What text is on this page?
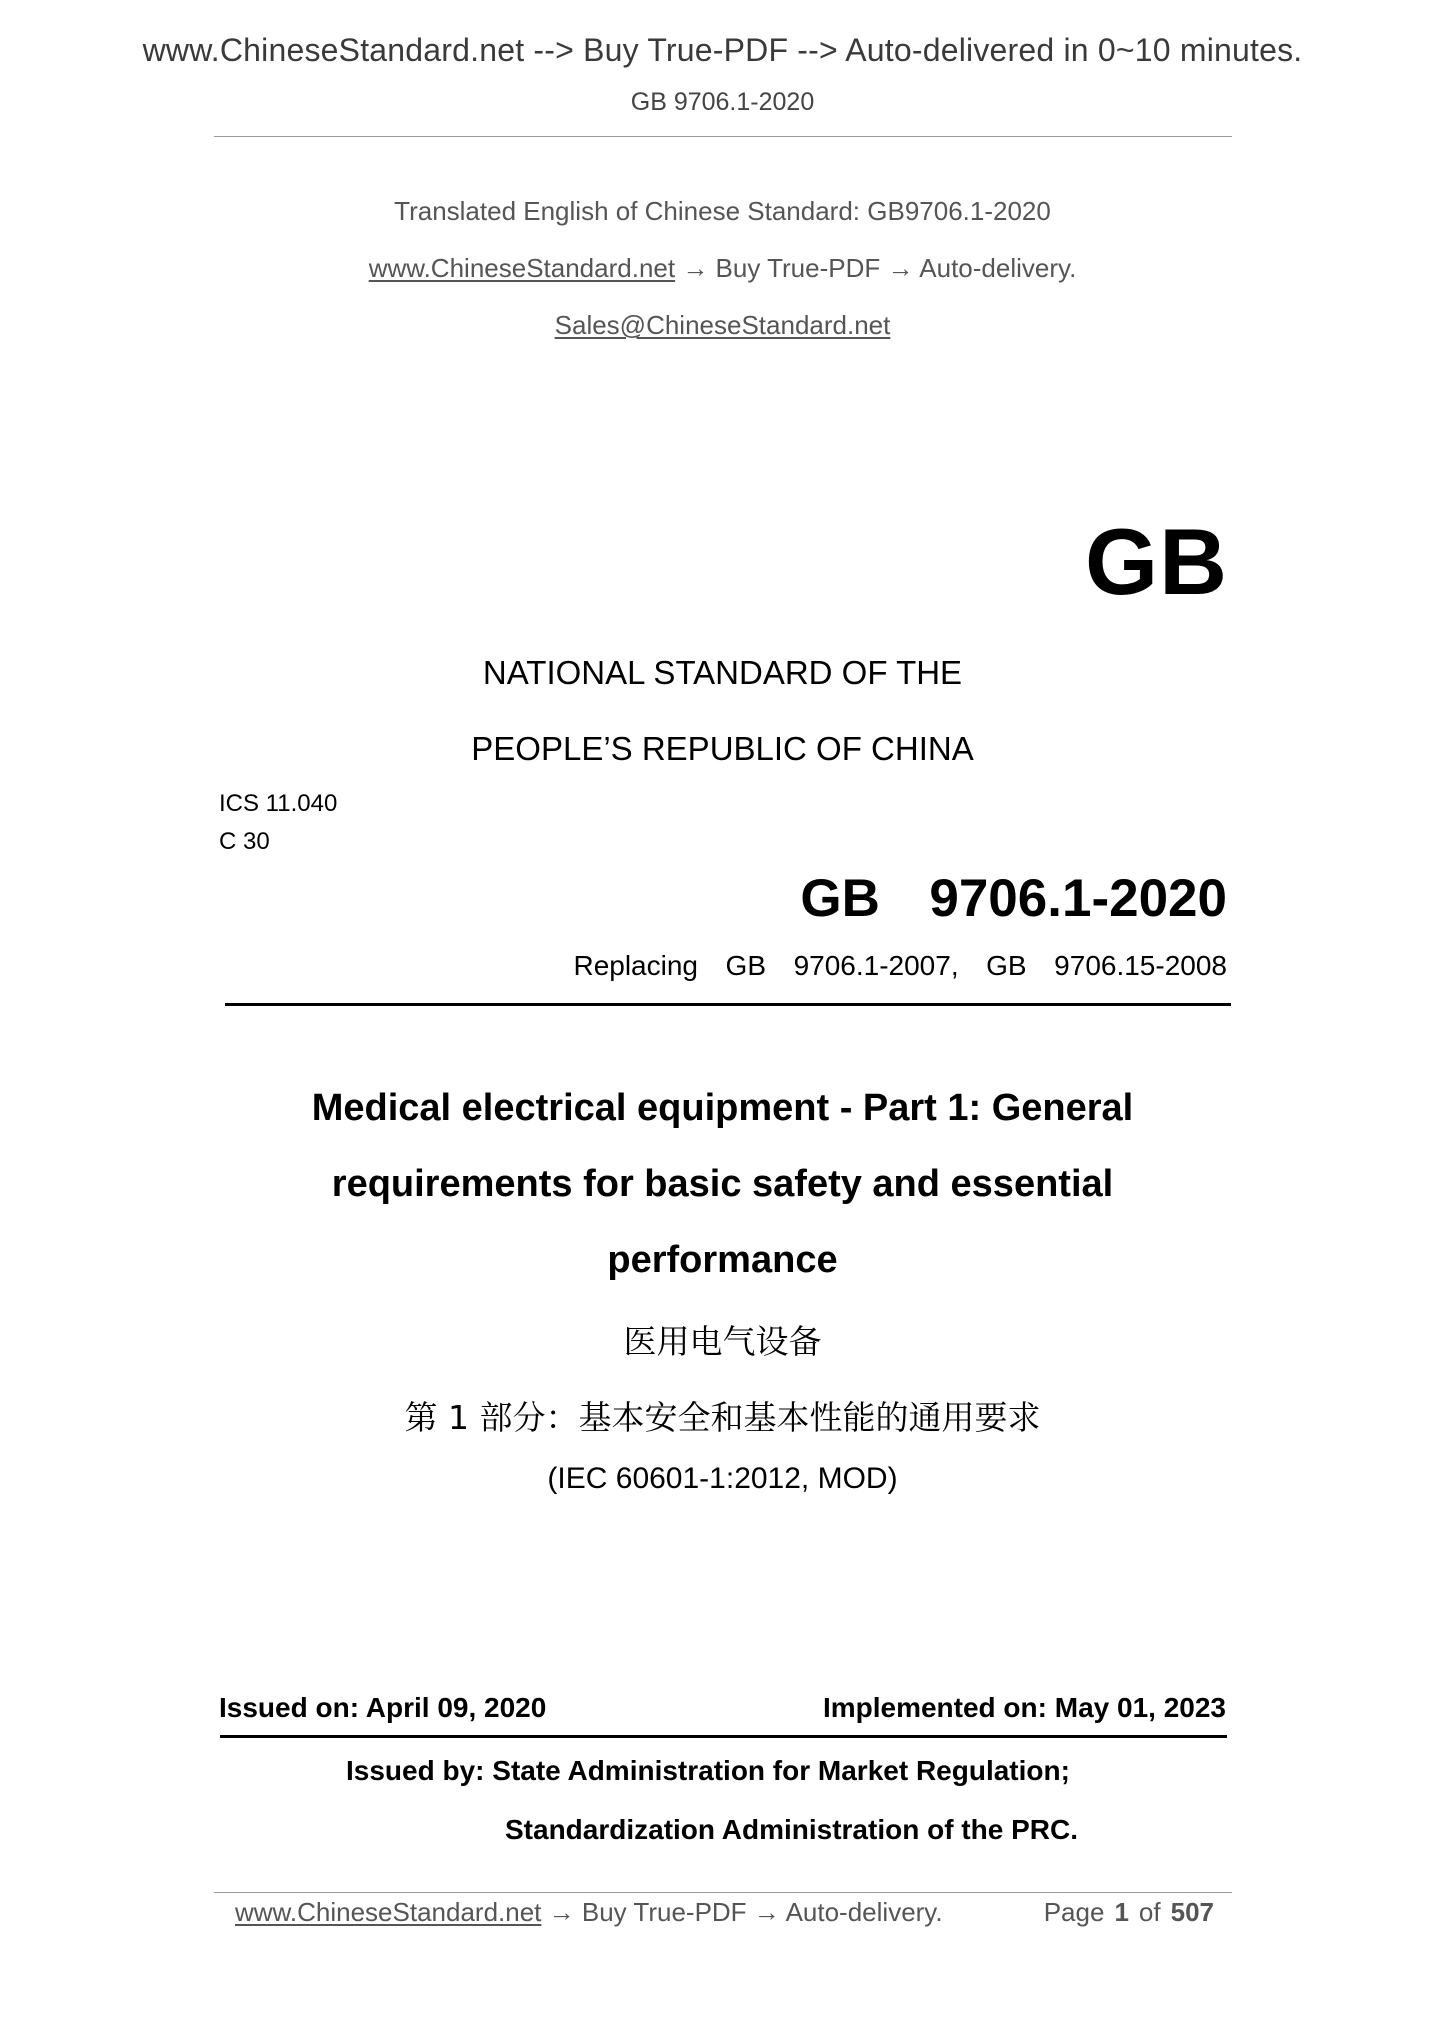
www.ChineseStandard.net --> Buy True-PDF --> Auto-delivered in 0~10 minutes.
GB 9706.1-2020
Translated English of Chinese Standard: GB9706.1-2020
www.ChineseStandard.net → Buy True-PDF → Auto-delivery.
Sales@ChineseStandard.net
GB
NATIONAL STANDARD OF THE
PEOPLE’S REPUBLIC OF CHINA
ICS 11.040
C 30
GB  9706.1-2020
Replacing  GB  9706.1-2007,  GB  9706.15-2008
Medical electrical equipment - Part 1: General
requirements for basic safety and essential
performance
医用电气设备
第 1 部分：基本安全和基本性能的通用要求
(IEC 60601-1:2012, MOD)
Issued on: April 09, 2020	Implemented on: May 01, 2023
Issued by: State Administration for Market Regulation;
Standardization Administration of the PRC.
www.ChineseStandard.net → Buy True-PDF → Auto-delivery.	Page 1 of 507
